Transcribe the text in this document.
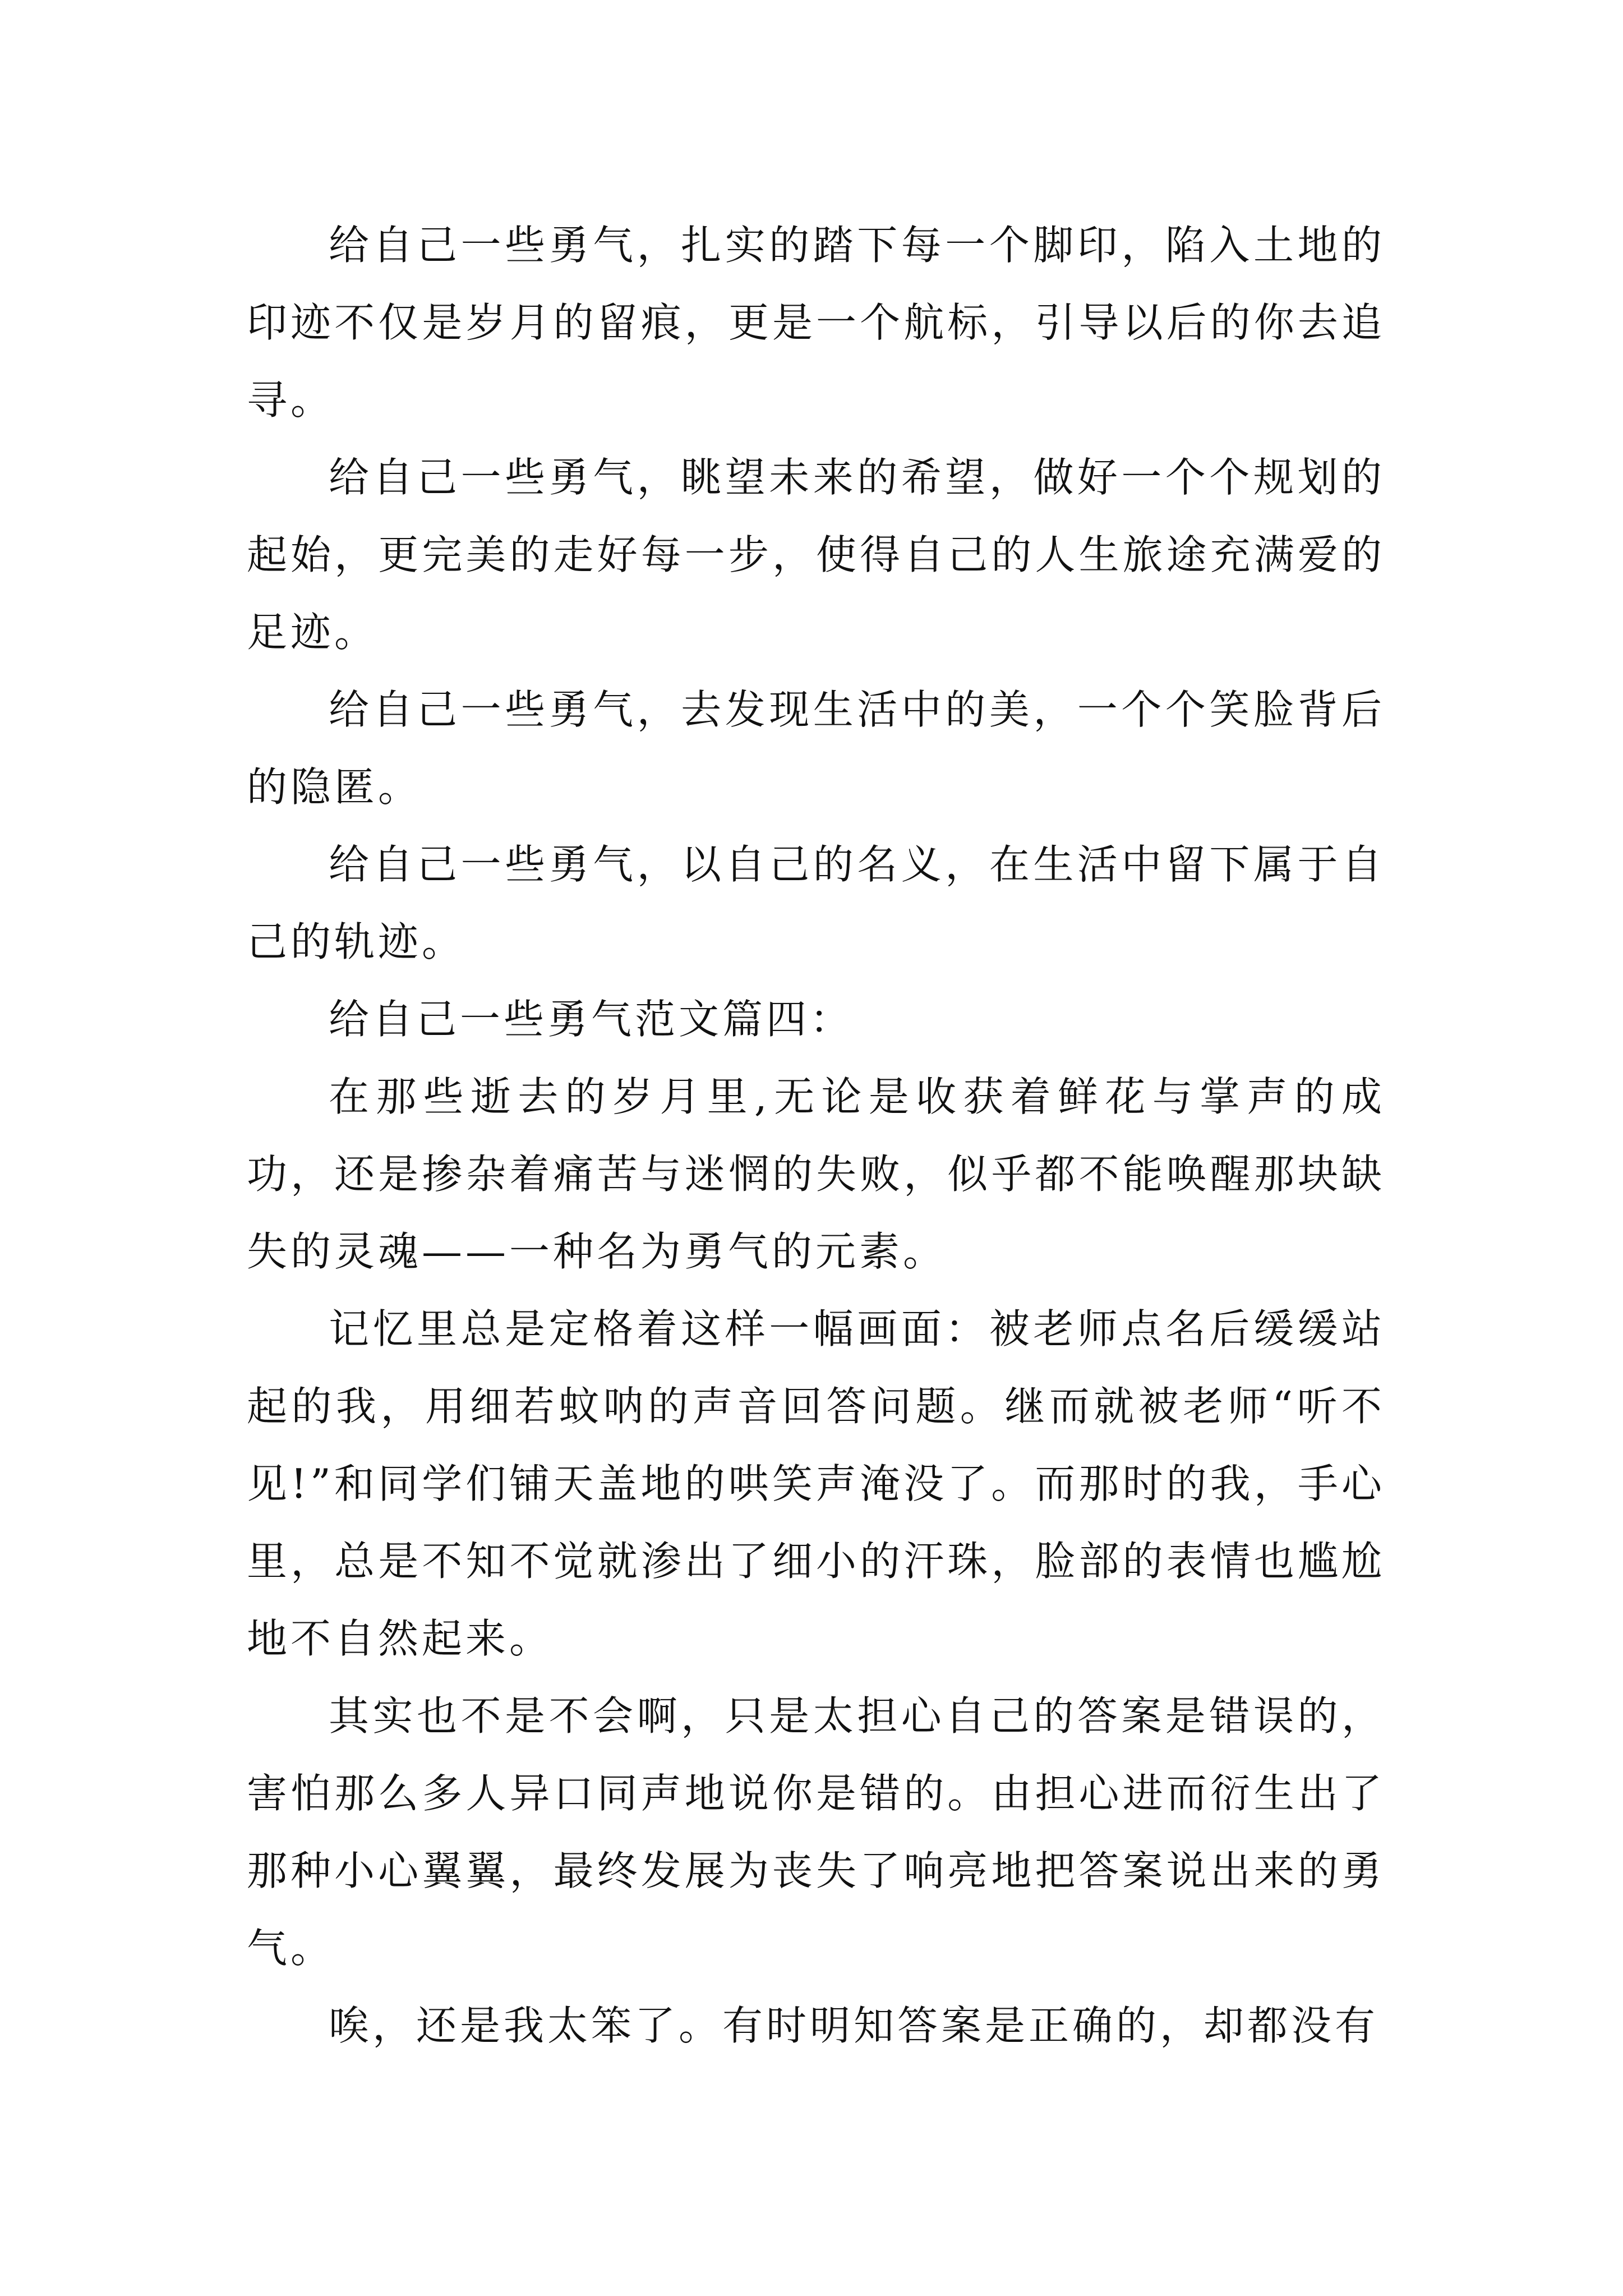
给自己一些勇气，扎实的踏下每一个脚印，陷入土地的印迹不仅是岁月的留痕，更是一个航标，引导以后的你去追寻。

给自己一些勇气，眺望未来的希望，做好一个个规划的起始，更完美的走好每一步，使得自己的人生旅途充满爱的足迹。

给自己一些勇气，去发现生活中的美，一个个笑脸背后的隐匿。

给自己一些勇气，以自己的名义，在生活中留下属于自己的轨迹。

给自己一些勇气范文篇四：

在那些逝去的岁月里,无论是收获着鲜花与掌声的成功，还是掺杂着痛苦与迷惘的失败，似乎都不能唤醒那块缺失的灵魂——一种名为勇气的元素。

记忆里总是定格着这样一幅画面：被老师点名后缓缓站起的我，用细若蚊呐的声音回答问题。继而就被老师“听不见!”和同学们铺天盖地的哄笑声淹没了。而那时的我，手心里，总是不知不觉就渗出了细小的汗珠，脸部的表情也尴尬地不自然起来。

其实也不是不会啊，只是太担心自己的答案是错误的，害怕那么多人异口同声地说你是错的。由担心进而衍生出了那种小心翼翼，最终发展为丧失了响亮地把答案说出来的勇气。

唉，还是我太笨了。有时明知答案是正确的，却都没有
